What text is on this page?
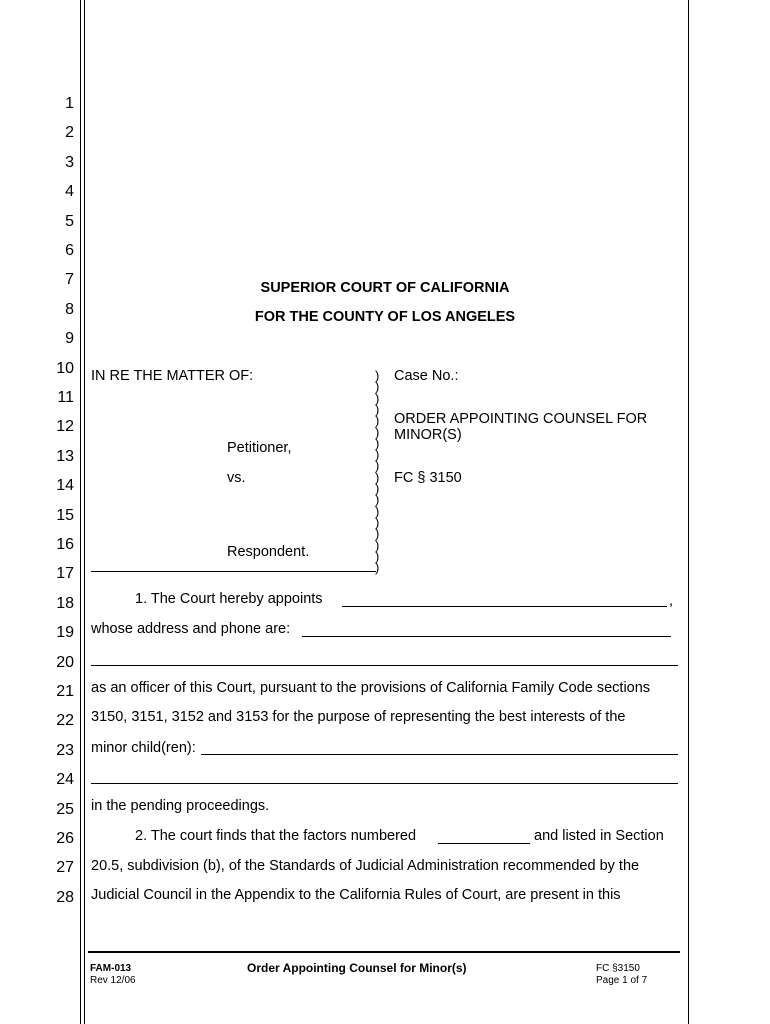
1
2
3
4
5
6
7
8
9
10
11
12
13
14
15
16
17
18
19
20
21
22
23
24
25
26
27
28
SUPERIOR COURT OF CALIFORNIA
FOR THE COUNTY OF LOS ANGELES
IN RE THE MATTER OF:
Petitioner,
vs.
Respondent.
)
)
)
)
)
)
)
)
)
)
)
)
)
)
)
)
)
)
Case No.:
ORDER APPOINTING COUNSEL FOR
MINOR(S)
FC § 3150
1. The Court hereby appoints	,
whose address and phone are:
as an officer of this Court, pursuant to the provisions of California Family Code sections
3150, 3151, 3152 and 3153 for the purpose of representing the best interests of the
minor child(ren):
in the pending proceedings.
2. The court finds that the factors numbered	and listed in Section
20.5, subdivision (b), of the Standards of Judicial Administration recommended by the
Judicial Council in the Appendix to the California Rules of Court, are present in this
FAM-013
Rev 12/06
Order Appointing Counsel for Minor(s)	FC §3150
Page 1 of 7
